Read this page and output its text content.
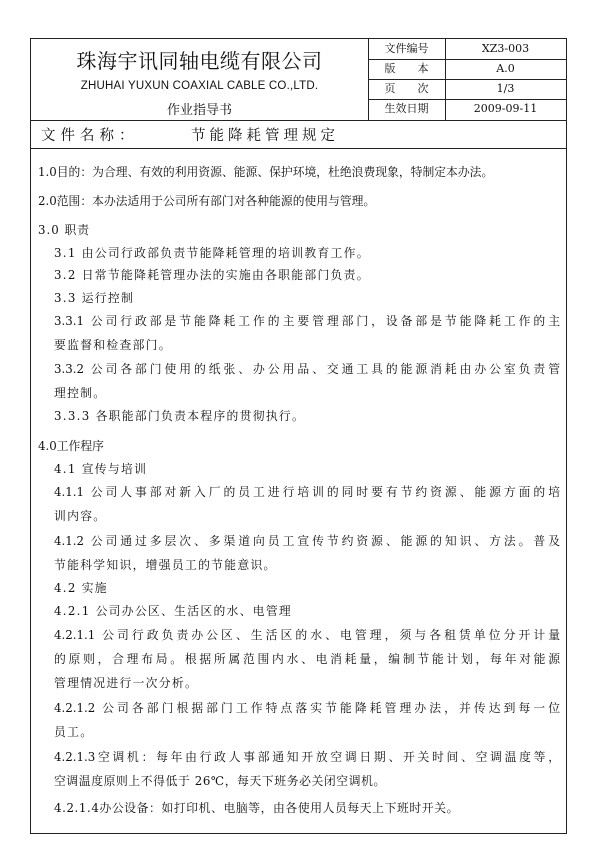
珠海宇讯同轴电缆有限公司
ZHUHAI YUXUN COAXIAL CABLE CO.,LTD.
作业指导书
文件编号	XZ3-003
版　　本	A.0
页　　次	1/3
生效日期	2009-09-11
文件名称：	节能降耗管理规定
1.0目的：为合理、有效的利用资源、能源、保护环境，杜绝浪费现象，特制定本办法。
2.0范围：本办法适用于公司所有部门对各种能源的使用与管理。
3.0 职责
3.1 由公司行政部负责节能降耗管理的培训教育工作。
3.2 日常节能降耗管理办法的实施由各职能部门负责。
3.3 运行控制
3.3.1 公司行政部是节能降耗工作的主要管理部门，设备部是节能降耗工作的主
要监督和检查部门。
3.3.2 公司各部门使用的纸张、办公用品、交通工具的能源消耗由办公室负责管
理控制。
3.3.3 各职能部门负责本程序的贯彻执行。
4.0工作程序
4.1 宣传与培训
4.1.1 公司人事部对新入厂的员工进行培训的同时要有节约资源、能源方面的培
训内容。
4.1.2 公司通过多层次、多渠道向员工宣传节约资源、能源的知识、方法。普及
节能科学知识，增强员工的节能意识。
4.2 实施
4.2.1 公司办公区、生活区的水、电管理
4.2.1.1 公司行政负责办公区、生活区的水、电管理，须与各租赁单位分开计量
的原则，合理布局。根据所属范围内水、电消耗量，编制节能计划，每年对能源
管理情况进行一次分析。
4.2.1.2 公司各部门根据部门工作特点落实节能降耗管理办法，并传达到每一位
员工。
4.2.1.3空调机：每年由行政人事部通知开放空调日期、开关时间、空调温度等，
空调温度原则上不得低于 26℃，每天下班务必关闭空调机。
4.2.1.4办公设备：如打印机、电脑等，由各使用人员每天上下班时开关。
